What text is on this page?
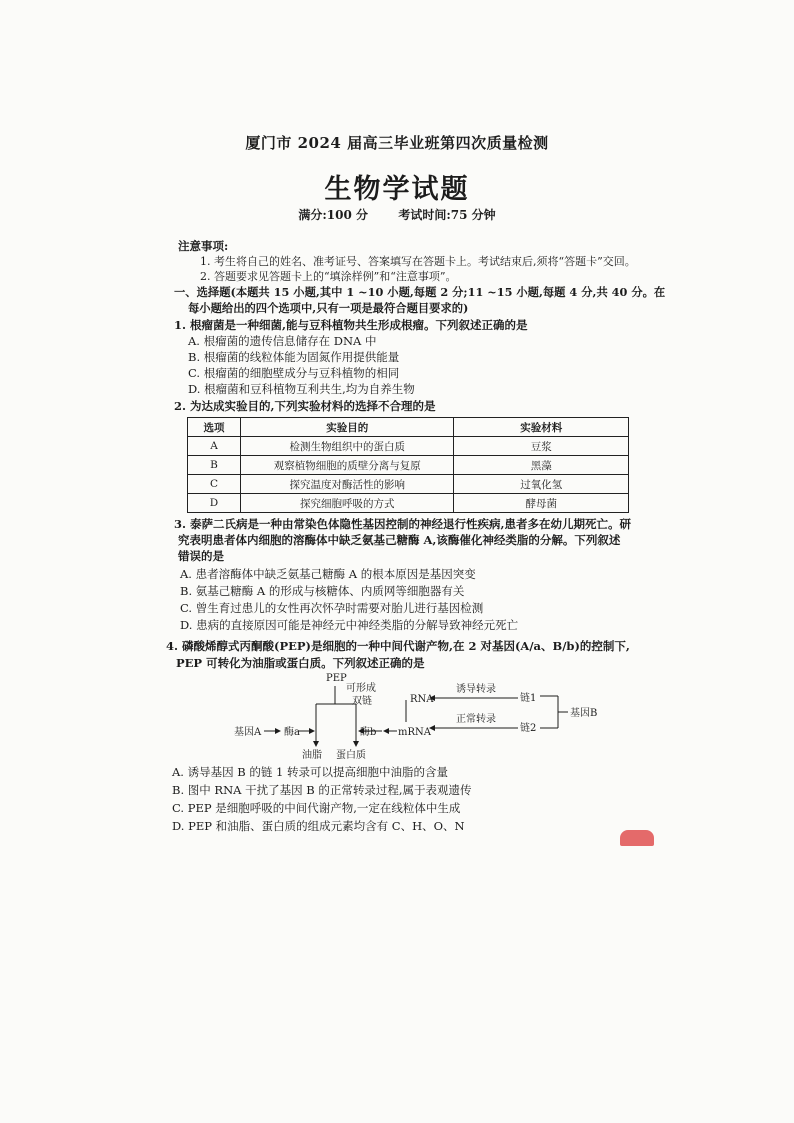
厦门市 2024 届高三毕业班第四次质量检测
生物学试题
满分:100 分	考试时间:75 分钟
注意事项:
1. 考生将自己的姓名、准考证号、答案填写在答题卡上。考试结束后,须将“答题卡”交回。
2. 答题要求见答题卡上的“填涂样例”和“注意事项”。
一、选择题(本题共 15 小题,其中 1 ~10 小题,每题 2 分;11 ~15 小题,每题 4 分,共 40 分。在
每小题给出的四个选项中,只有一项是最符合题目要求的)
1. 根瘤菌是一种细菌,能与豆科植物共生形成根瘤。下列叙述正确的是
A. 根瘤菌的遗传信息储存在 DNA 中
B. 根瘤菌的线粒体能为固氮作用提供能量
C. 根瘤菌的细胞壁成分与豆科植物的相同
D. 根瘤菌和豆科植物互利共生,均为自养生物
2. 为达成实验目的,下列实验材料的选择不合理的是
选项	实验目的	实验材料
A	检测生物组织中的蛋白质	豆浆
B	观察植物细胞的质壁分离与复原	黑藻
C	探究温度对酶活性的影响	过氧化氢
D	探究细胞呼吸的方式	酵母菌
3. 泰萨二氏病是一种由常染色体隐性基因控制的神经退行性疾病,患者多在幼儿期死亡。研
究表明患者体内细胞的溶酶体中缺乏氨基己糖酶 A,该酶催化神经类脂的分解。下列叙述
错误的是
A. 患者溶酶体中缺乏氨基己糖酶 A 的根本原因是基因突变
B. 氨基己糖酶 A 的形成与核糖体、内质网等细胞器有关
C. 曾生育过患儿的女性再次怀孕时需要对胎儿进行基因检测
D. 患病的直接原因可能是神经元中神经类脂的分解导致神经元死亡
4. 磷酸烯醇式丙酮酸(PEP)是细胞的一种中间代谢产物,在 2 对基因(A/a、B/b)的控制下,
PEP 可转化为油脂或蛋白质。下列叙述正确的是
PEP
基因A 酶a	酶b
油脂 蛋白质
可形成
双链	RNA
mRNA
诱导转录
正常转录
链1
链2
基因B
A. 诱导基因 B 的链 1 转录可以提高细胞中油脂的含量
B. 图中 RNA 干扰了基因 B 的正常转录过程,属于表观遗传
C. PEP 是细胞呼吸的中间代谢产物,一定在线粒体中生成
D. PEP 和油脂、蛋白质的组成元素均含有 C、H、O、N
